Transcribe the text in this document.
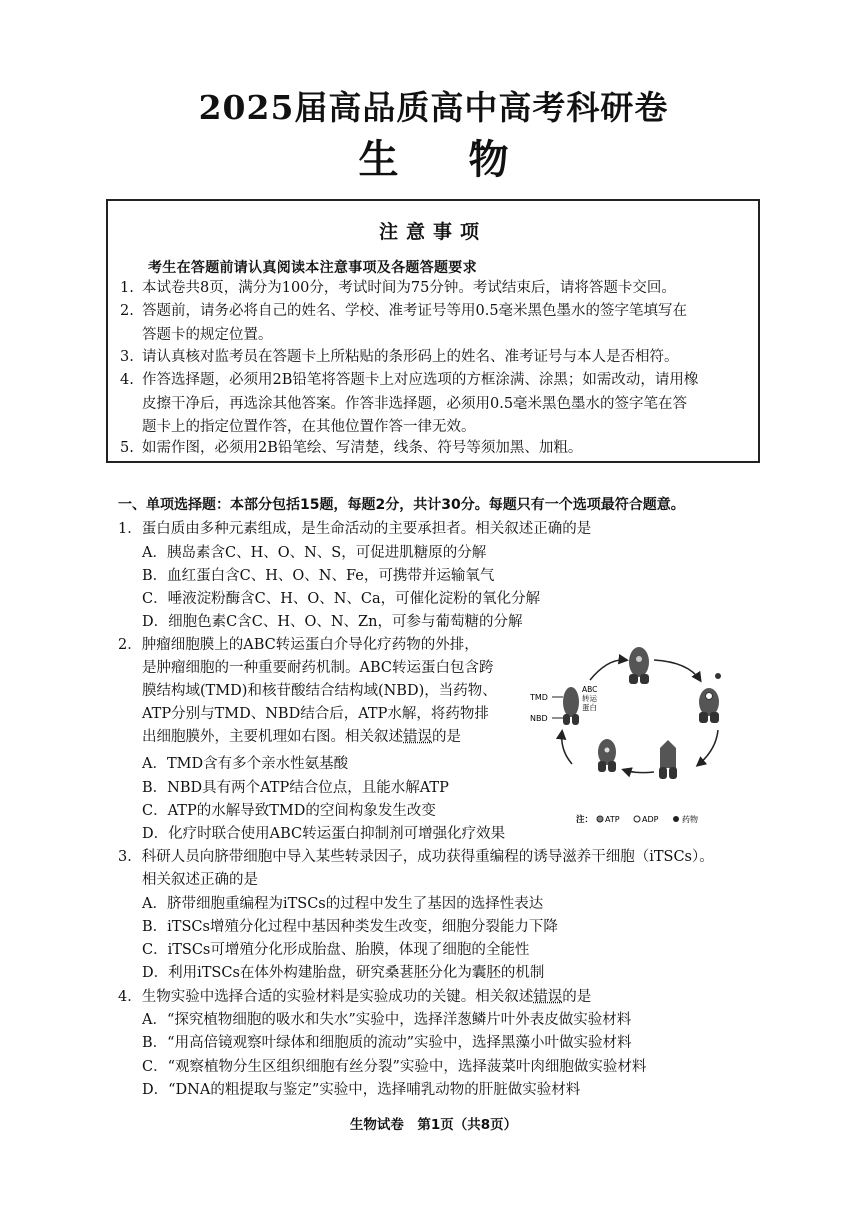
2025届高品质高中高考科研卷
生物
注意事项
考生在答题前请认真阅读本注意事项及各题答题要求
1. 本试卷共8页，满分为100分，考试时间为75分钟。考试结束后，请将答题卡交回。
2. 答题前，请务必将自己的姓名、学校、准考证号等用0.5毫米黑色墨水的签字笔填写在
答题卡的规定位置。
3. 请认真核对监考员在答题卡上所粘贴的条形码上的姓名、准考证号与本人是否相符。
4. 作答选择题，必须用2B铅笔将答题卡上对应选项的方框涂满、涂黑；如需改动，请用橡
皮擦干净后，再选涂其他答案。作答非选择题，必须用0.5毫米黑色墨水的签字笔在答
题卡上的指定位置作答，在其他位置作答一律无效。
5. 如需作图，必须用2B铅笔绘、写清楚，线条、符号等须加黑、加粗。
一、单项选择题：本部分包括15题，每题2分，共计30分。每题只有一个选项最符合题意。
1．蛋白质由多种元素组成，是生命活动的主要承担者。相关叙述正确的是
A．胰岛素含C、H、O、N、S，可促进肌糖原的分解
B．血红蛋白含C、H、O、N、Fe，可携带并运输氧气
C．唾液淀粉酶含C、H、O、N、Ca，可催化淀粉的氧化分解
D．细胞色素C含C、H、O、N、Zn，可参与葡萄糖的分解
2．肿瘤细胞膜上的ABC转运蛋白介导化疗药物的外排，
是肿瘤细胞的一种重要耐药机制。ABC转运蛋白包含跨
膜结构域(TMD)和核苷酸结合结构域(NBD)，当药物、
ATP分别与TMD、NBD结合后，ATP水解，将药物排
出细胞膜外，主要机理如右图。相关叙述错误的是
A．TMD含有多个亲水性氨基酸
B．NBD具有两个ATP结合位点，且能水解ATP
C．ATP的水解导致TMD的空间构象发生改变
D．化疗时联合使用ABC转运蛋白抑制剂可增强化疗效果
TMD
NBD
ABC 转运蛋白
注： ATP	ADP	药物
3．科研人员向脐带细胞中导入某些转录因子，成功获得重编程的诱导滋养干细胞（iTSCs）。
相关叙述正确的是
A．脐带细胞重编程为iTSCs的过程中发生了基因的选择性表达
B．iTSCs增殖分化过程中基因种类发生改变，细胞分裂能力下降
C．iTSCs可增殖分化形成胎盘、胎膜，体现了细胞的全能性
D．利用iTSCs在体外构建胎盘，研究桑葚胚分化为囊胚的机制
4．生物实验中选择合适的实验材料是实验成功的关键。相关叙述错误的是
A．“探究植物细胞的吸水和失水”实验中，选择洋葱鳞片叶外表皮做实验材料
B．“用高倍镜观察叶绿体和细胞质的流动”实验中，选择黑藻小叶做实验材料
C．“观察植物分生区组织细胞有丝分裂”实验中，选择菠菜叶肉细胞做实验材料
D．“DNA的粗提取与鉴定”实验中，选择哺乳动物的肝脏做实验材料
生物试卷　第1页（共8页）
